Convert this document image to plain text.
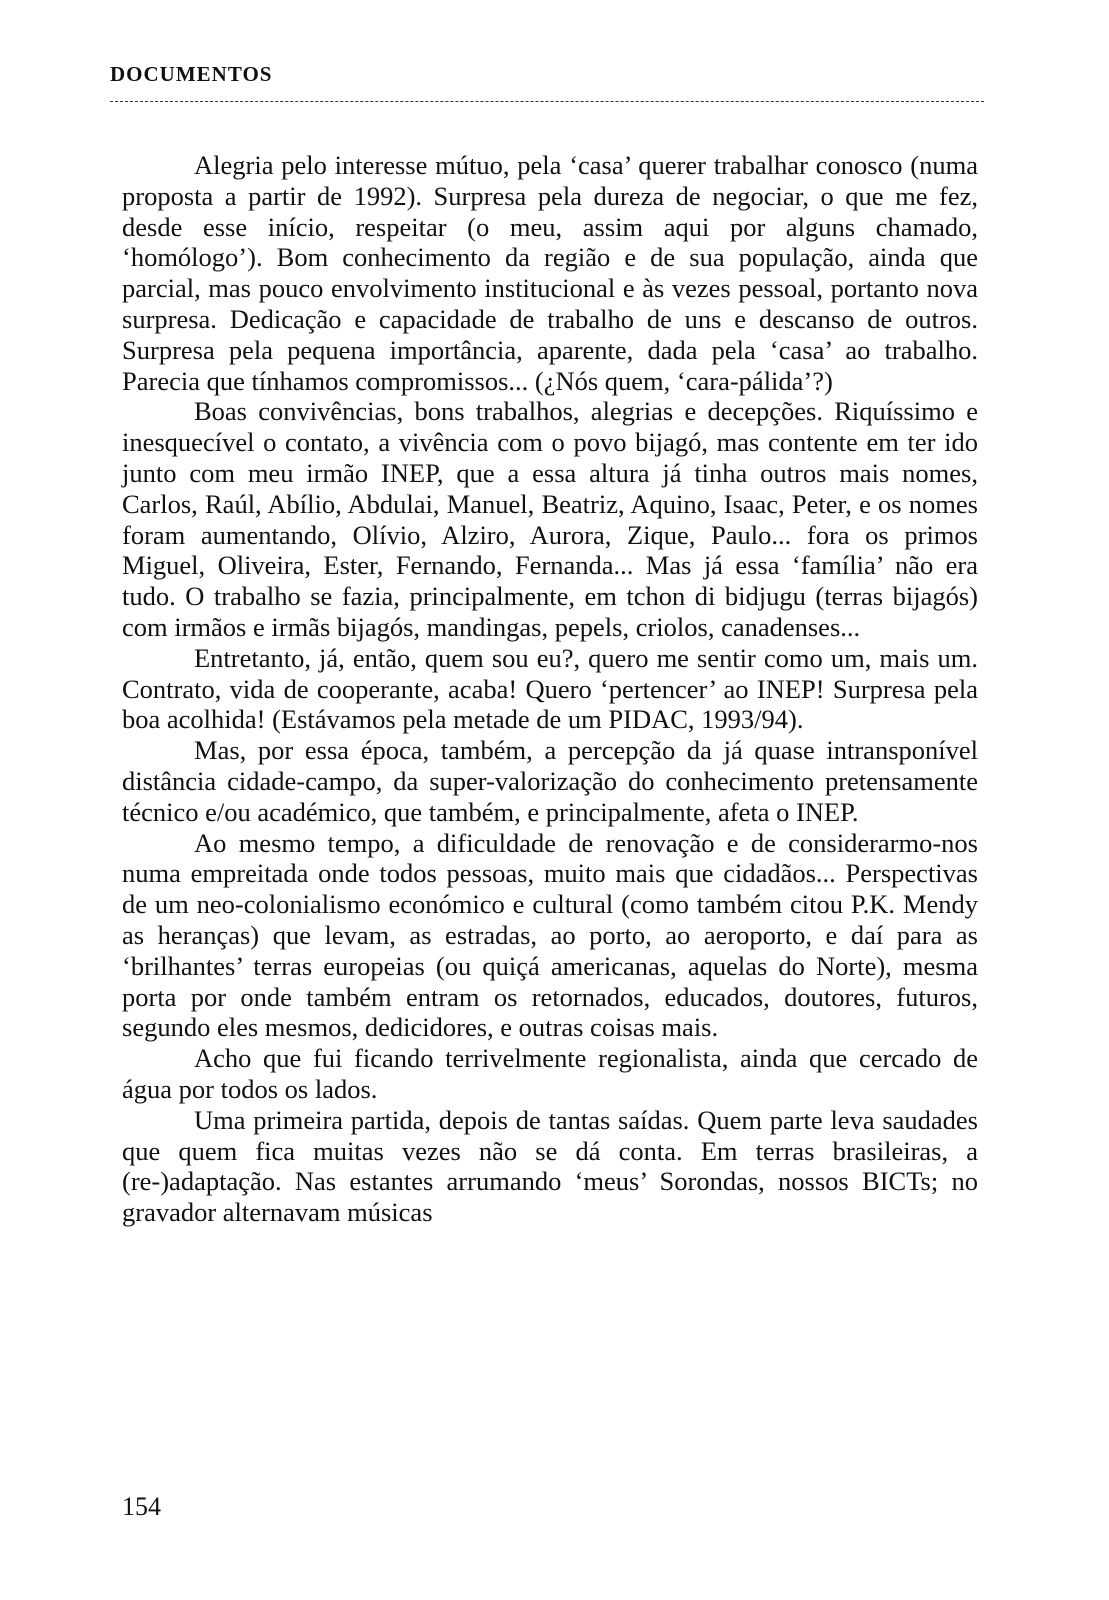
DOCUMENTOS

Alegria pelo interesse mútuo, pela ‘casa’ querer trabalhar conosco (numa proposta a partir de 1992). Surpresa pela dureza de negociar, o que me fez, desde esse início, respeitar (o meu, assim aqui por alguns chamado, ‘homólogo’). Bom conhecimento da região e de sua população, ainda que parcial, mas pouco envolvimento institucional e às vezes pessoal, portanto nova surpresa. Dedicação e capacidade de trabalho de uns e descanso de outros. Surpresa pela pequena importância, aparente, dada pela ‘casa’ ao trabalho. Parecia que tínhamos compromissos... (¿Nós quem, ‘cara-pálida’?)

Boas convivências, bons trabalhos, alegrias e decepções. Riquíssimo e inesquecível o contato, a vivência com o povo bijagó, mas contente em ter ido junto com meu irmão INEP, que a essa altura já tinha outros mais nomes, Carlos, Raúl, Abílio, Abdulai, Manuel, Beatriz, Aquino, Isaac, Peter, e os nomes foram aumentando, Olívio, Alziro, Aurora, Zique, Paulo... fora os primos Miguel, Oliveira, Ester, Fernando, Fernanda... Mas já essa ‘família’ não era tudo. O trabalho se fazia, principalmente, em tchon di bidjugu (terras bijagós) com irmãos e irmãs bijagós, mandingas, pepels, criolos, canadenses...

Entretanto, já, então, quem sou eu?, quero me sentir como um, mais um. Contrato, vida de cooperante, acaba! Quero ‘pertencer’ ao INEP! Surpresa pela boa acolhida! (Estávamos pela metade de um PIDAC, 1993/94).

Mas, por essa época, também, a percepção da já quase intransponível distância cidade-campo, da super-valorização do conhecimento pretensamente técnico e/ou académico, que também, e principalmente, afeta o INEP.

Ao mesmo tempo, a dificuldade de renovação e de considerarmo-nos numa empreitada onde todos pessoas, muito mais que cidadãos... Perspectivas de um neo-colonialismo económico e cultural (como também citou P.K. Mendy as heranças) que levam, as estradas, ao porto, ao aeroporto, e daí para as ‘brilhantes’ terras europeias (ou quiçá americanas, aquelas do Norte), mesma porta por onde também entram os retornados, educados, doutores, futuros, segundo eles mesmos, dedicidores, e outras coisas mais.

Acho que fui ficando terrivelmente regionalista, ainda que cercado de água por todos os lados.

Uma primeira partida, depois de tantas saídas. Quem parte leva saudades que quem fica muitas vezes não se dá conta. Em terras brasileiras, a (re-)adaptação. Nas estantes arrumando ‘meus’ Sorondas, nossos BICTs; no gravador alternavam músicas

154
